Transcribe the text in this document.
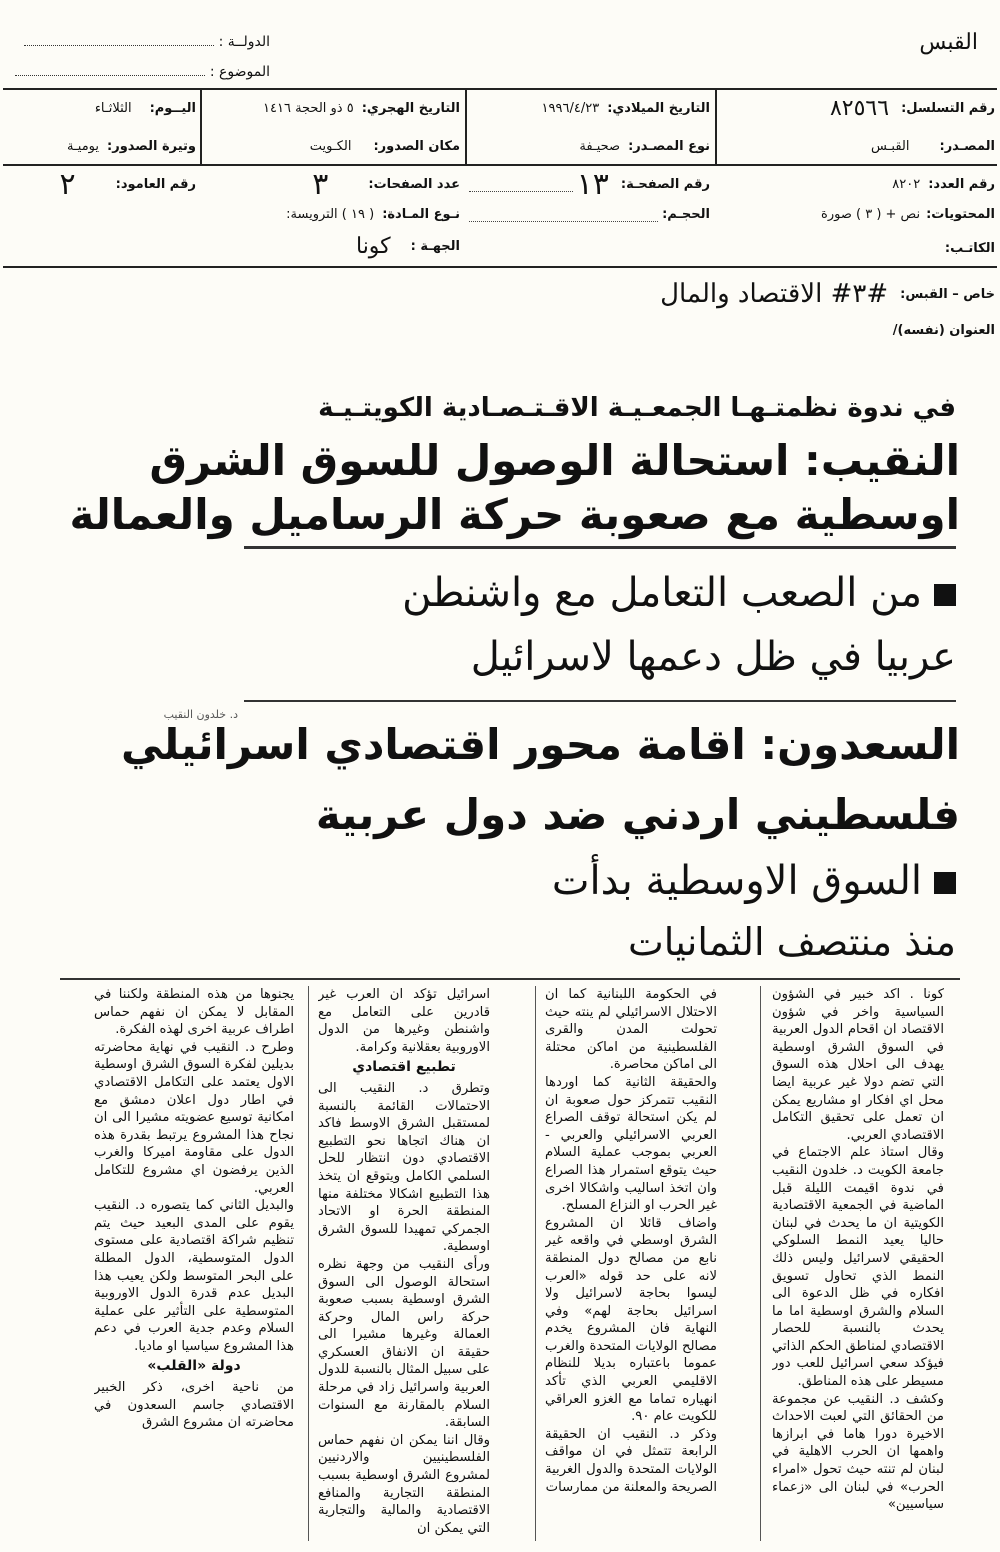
القبس
الدولــة :
الموضوع :
رقم التسلسل:
٨٢٥٦٦
التاريخ الميلادي:
١٩٩٦/٤/٢٣
التاريخ الهجري:
٥ ذو الحجة ١٤١٦
اليــوم:
الثلاثـاء
المصـدر:
القبـس
نوع المصـدر:
صحيـفة
مكان الصدور:
الكـويت
وتيرة الصدور:
يوميـة
رقم العدد:
٨٢٠٢
رقم الصفحـة:
١٣
عدد الصفحات:
٣
رقم العامود:
٢
المحتويات:
نص + ( ٣ ) صورة
الحجـم:
نـوع المـادة:
( ١٩ ) الترويسة:
الجهـة :
كونا	الكاتـب:
خاص – القبس:
#٣# الاقتصاد والمال
العنوان (نفسه)/
في ندوة نظمتـهـا الجمعـيـة الاقـتـصـادية الكويتـيـة
النقيب: استحالة الوصول للسوق الشرق
اوسطية مع صعوبة حركة الرساميل والعمالة
من الصعب التعامل مع واشنطن
عربيا في ظل دعمها لاسرائيل
د. خلدون النقيب
السعدون: اقامة محور اقتصادي اسرائيلي
فلسطيني اردني ضد دول عربية
السوق الاوسطية بدأت
منذ منتصف الثمانيات

كونا . اكد خبير في الشؤون السياسية واخر في شؤون الاقتصاد ان اقحام الدول العربية في السوق الشرق اوسطية يهدف الى احلال هذه السوق التي تضم دولا غير عربية ايضا محل اي افكار او مشاريع يمكن ان تعمل على تحقيق التكامل الاقتصادي العربي.

وقال استاذ علم الاجتماع في جامعة الكويت د. خلدون النقيب في ندوة اقيمت الليلة قبل الماضية في الجمعية الاقتصادية الكويتية ان ما يحدث في لبنان حاليا يعيد النمط السلوكي الحقيقي لاسرائيل وليس ذلك النمط الذي تحاول تسويق افكاره في ظل الدعوة الى السلام والشرق اوسطية اما ما يحدث بالنسبة للحصار الاقتصادي لمناطق الحكم الذاتي فيؤكد سعي اسرائيل للعب دور مسيطر على هذه المناطق.

وكشف د. النقيب عن مجموعة من الحقائق التي لعبت الاحداث الاخيرة دورا هاما في ابرازها واهمها ان الحرب الاهلية في لبنان لم تنته حيث تحول «امراء الحرب» في لبنان الى «زعماء سياسيين»

في الحكومة اللبنانية كما ان الاحتلال الاسرائيلي لم ينته حيث تحولت المدن والقرى الفلسطينية من اماكن محتلة الى اماكن محاصرة.

والحقيقة الثانية كما اوردها النقيب تتمركز حول صعوبة ان لم يكن استحالة توقف الصراع العربي الاسرائيلي والعربي - العربي بموجب عملية السلام حيث يتوقع استمرار هذا الصراع وان اتخذ اساليب واشكالا اخرى غير الحرب او النزاع المسلح.

واضاف قائلا ان المشروع الشرق اوسطي في واقعه غير نابع من مصالح دول المنطقة لانه على حد قوله «العرب ليسوا بحاجة لاسرائيل ولا اسرائيل بحاجة لهم» وفي النهاية فان المشروع يخدم مصالح الولايات المتحدة والغرب عموما باعتباره بديلا للنظام الاقليمي العربي الذي تأكد انهياره تماما مع الغزو العراقي للكويت عام ٩٠.

وذكر د. النقيب ان الحقيقة الرابعة تتمثل في ان مواقف الولايات المتحدة والدول الغربية الصريحة والمعلنة من ممارسات

اسرائيل تؤكد ان العرب غير قادرين على التعامل مع واشنطن وغيرها من الدول الاوروبية بعقلانية وكرامة.

تطبيع اقتصادي

وتطرق د. النقيب الى الاحتمالات القائمة بالنسبة لمستقبل الشرق الاوسط فاكد ان هناك اتجاها نحو التطبيع الاقتصادي دون انتظار للحل السلمي الكامل ويتوقع ان يتخذ هذا التطبيع اشكالا مختلفة منها المنطقة الحرة او الاتحاد الجمركي تمهيدا للسوق الشرق اوسطية.

ورأى النقيب من وجهة نظره استحالة الوصول الى السوق الشرق اوسطية بسبب صعوبة حركة راس المال وحركة العمالة وغيرها مشيرا الى حقيقة ان الانفاق العسكري على سبيل المثال بالنسبة للدول العربية واسرائيل زاد في مرحلة السلام بالمقارنة مع السنوات السابقة.

وقال اننا يمكن ان نفهم حماس الفلسطينيين والاردنيين لمشروع الشرق اوسطية بسبب المنطقة التجارية والمنافع الاقتصادية والمالية والتجارية التي يمكن ان

يجنوها من هذه المنطقة ولكننا في المقابل لا يمكن ان نفهم حماس اطراف عربية اخرى لهذه الفكرة.

وطرح د. النقيب في نهاية محاضرته بديلين لفكرة السوق الشرق اوسطية الاول يعتمد على التكامل الاقتصادي في اطار دول اعلان دمشق مع امكانية توسيع عضويته مشيرا الى ان نجاح هذا المشروع يرتبط بقدرة هذه الدول على مقاومة اميركا والغرب الذين يرفضون اي مشروع للتكامل العربي.

والبديل الثاني كما يتصوره د. النقيب يقوم على المدى البعيد حيث يتم تنظيم شراكة اقتصادية على مستوى الدول المتوسطية، الدول المطلة على البحر المتوسط ولكن يعيب هذا البديل عدم قدرة الدول الاوروبية المتوسطية على التأثير على عملية السلام وعدم جدية العرب في دعم هذا المشروع سياسيا او ماديا.

دولة «القلب»

من ناحية اخرى، ذكر الخبير الاقتصادي جاسم السعدون في محاضرته ان مشروع الشرق
